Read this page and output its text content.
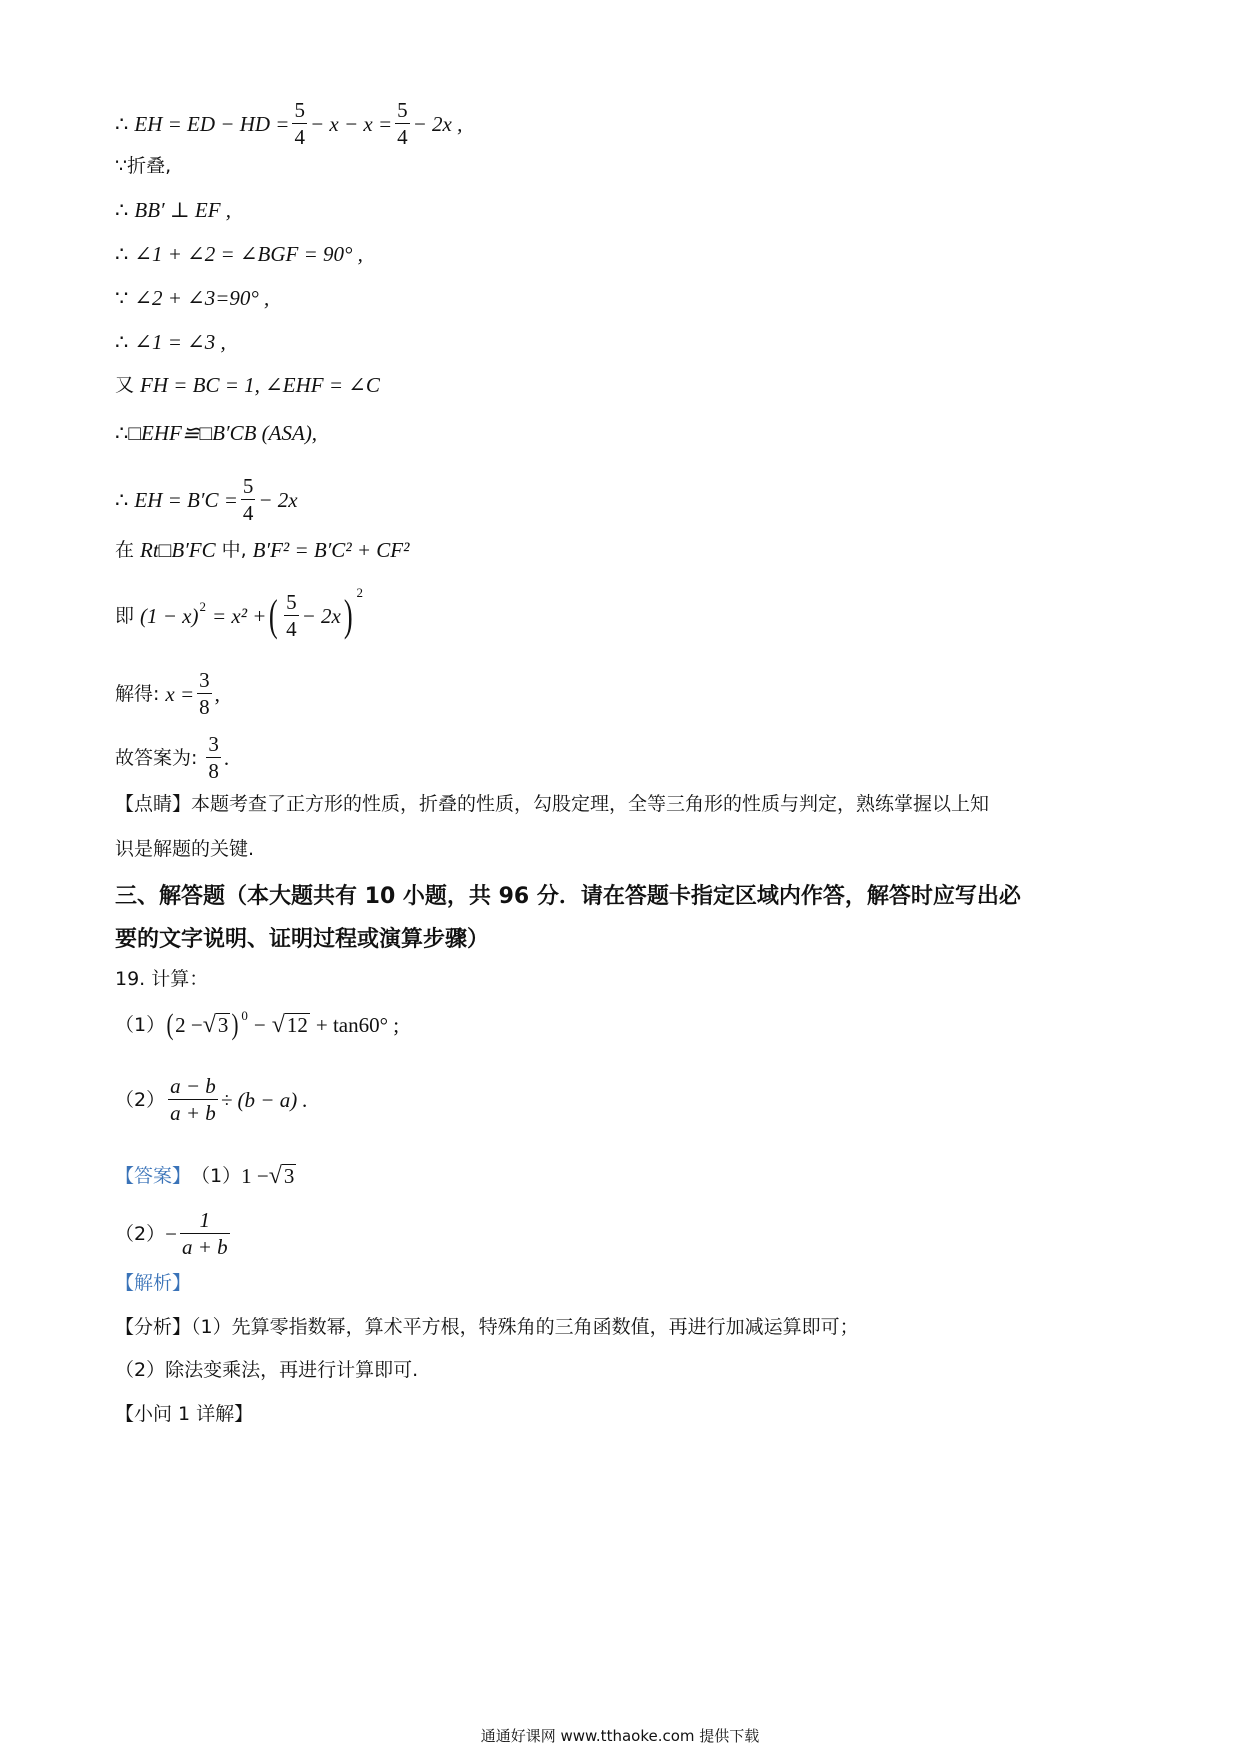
∴ EH = ED − HD = $\frac{5}{4} - x - x = \frac{5}{4} - 2x$ ,
∵折叠,
∴ BB′ ⊥ EF ,
∴ ∠1 + ∠2 = ∠BGF = 90° ,
∵ ∠2 + ∠3=90° ,
∴ ∠1 = ∠3 ,
又 FH = BC = 1, ∠EHF = ∠C
∴ □EHF≌□B′CB (ASA),
∴ EH = $B'C = \frac{5}{4} - 2x$
在 Rt□B′FC 中, B′F² = B′C² + CF²
即 (1 − x) 2 = x² + ( $\frac{5}{4} - 2x$ ) 2
解得: $x = \frac{3}{8}$ ,
故答案为: $\frac{3}{8}$ .
【点睛】本题考查了正方形的性质，折叠的性质，勾股定理，全等三角形的性质与判定，熟练掌握以上知
识是解题的关键.
三、解答题（本大题共有 10 小题，共 96 分．请在答题卡指定区域内作答，解答时应写出必
要的文字说明、证明过程或演算步骤）
19. 计算：
（1） ( 2 − √ 3 ) 0 − √ 12 + tan60° ;
$(2) \frac{a - b}{a + b} \div (b - a)$ .
【答案】 （1） 1 − √ 3
$(2) - \frac{1}{a + b}$
【解析】
【分析】（1）先算零指数幂，算术平方根，特殊角的三角函数值，再进行加减运算即可；
（2）除法变乘法，再进行计算即可.
【小问 1 详解】
通通好课网 www.tthaoke.com 提供下载
